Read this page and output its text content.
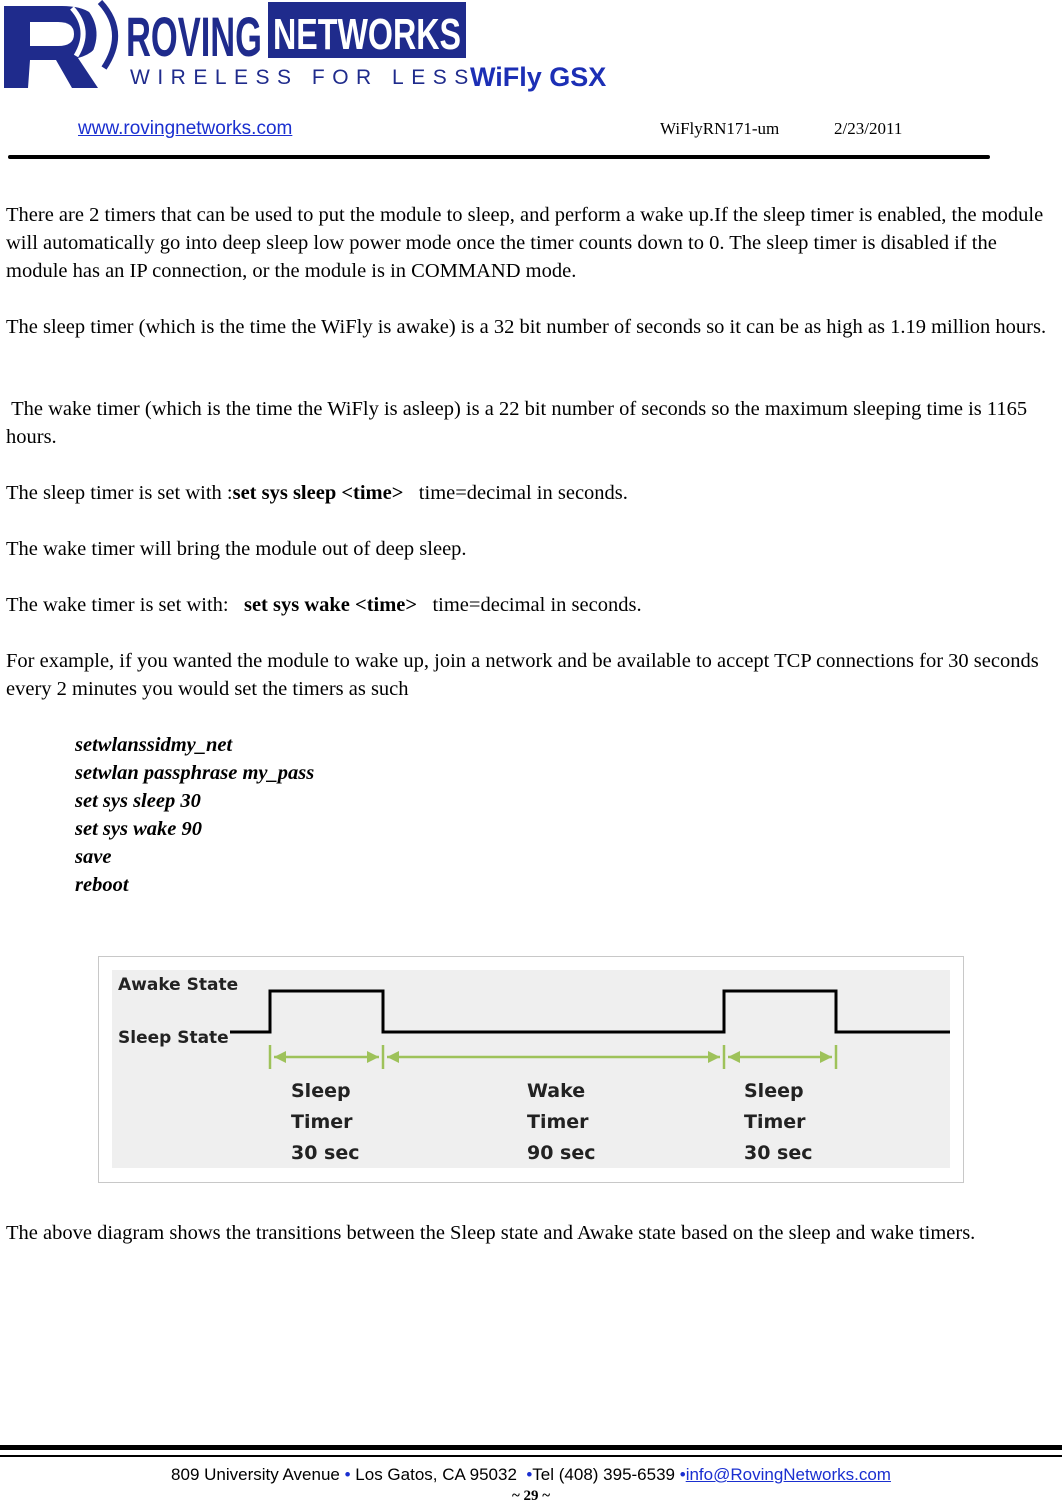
ROVING NETWORKS
WIRELESS FOR LESS
WiFly GSX
www.rovingnetworks.com	WiFlyRN171-um	2/23/2011

There are 2 timers that can be used to put the module to sleep, and perform a wake up.If the sleep timer is enabled, the module will automatically go into deep sleep low power mode once the timer counts down to 0. The sleep timer is disabled if the module has an IP connection, or the module is in COMMAND mode.

The sleep timer (which is the time the WiFly is awake) is a 32 bit number of seconds so it can be as high as 1.19 million hours.

The wake timer (which is the time the WiFly is asleep) is a 22 bit number of seconds so the maximum sleeping time is 1165 hours.

The sleep timer is set with :set sys sleep <time>   time=decimal in seconds.

The wake timer will bring the module out of deep sleep.

The wake timer is set with:   set sys wake <time>   time=decimal in seconds.

For example, if you wanted the module to wake up, join a network and be available to accept TCP connections for 30 seconds every 2 minutes you would set the timers as such

setwlanssidmy_net
setwlan passphrase my_pass
set sys sleep 30
set sys wake 90
save
reboot
Awake State
Sleep State
Sleep
Timer
30 sec
Wake
Timer
90 sec
Sleep
Timer
30 sec

The above diagram shows the transitions between the Sleep state and Awake state based on the sleep and wake timers.

809 University Avenue • Los Gatos, CA 95032  •Tel (408) 395-6539 •info@RovingNetworks.com
~ 29 ~
